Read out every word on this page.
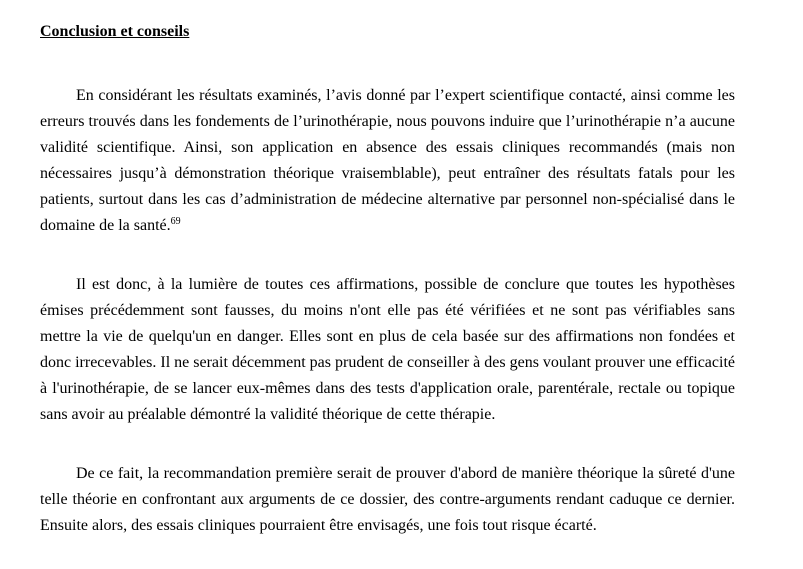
Conclusion et conseils

En considérant les résultats examinés, l’avis donné par l’expert scientifique contacté, ainsi comme les erreurs trouvés dans les fondements de l’urinothérapie, nous pouvons induire que l’urinothérapie n’a aucune validité scientifique. Ainsi, son application en absence des essais cliniques recommandés (mais non nécessaires jusqu’à démonstration théorique vraisemblable), peut entraîner des résultats fatals pour les patients, surtout dans les cas d’administration de médecine alternative par personnel non-spécialisé dans le domaine de la santé.$^{69}$

Il est donc, à la lumière de toutes ces affirmations, possible de conclure que toutes les hypothèses émises précédemment sont fausses, du moins n'ont elle pas été vérifiées et ne sont pas vérifiables sans mettre la vie de quelqu'un en danger. Elles sont en plus de cela basée sur des affirmations non fondées et donc irrecevables. Il ne serait décemment pas prudent de conseiller à des gens voulant prouver une efficacité à l'urinothérapie, de se lancer eux-mêmes dans des tests d'application orale, parentérale, rectale ou topique sans avoir au préalable démontré la validité théorique de cette thérapie.

De ce fait, la recommandation première serait de prouver d'abord de manière théorique la sûreté d'une telle théorie en confrontant aux arguments de ce dossier, des contre-arguments rendant caduque ce dernier. Ensuite alors, des essais cliniques pourraient être envisagés, une fois tout risque écarté.
